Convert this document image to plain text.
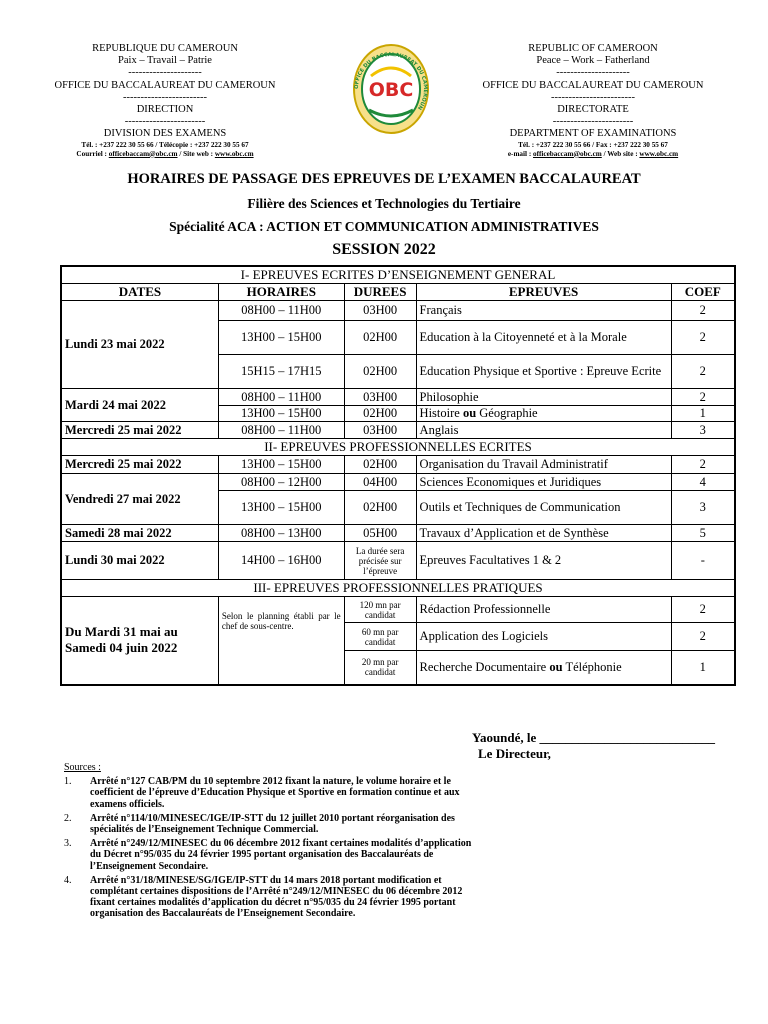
REPUBLIQUE DU CAMEROUN
Paix – Travail – Patrie
---------------------
OFFICE DU BACCALAUREAT DU CAMEROUN
------------------------
DIRECTION
-----------------------
DIVISION DES EXAMENS
Tél. : +237 222 30 55 66 / Télécopie : +237 222 30 55 67
Courriel : officebaccam@obc.cm / Site web : www.obc.cm
OFFICE DU BACCALAUREAT DU CAMEROUN
OBC
REPUBLIC OF CAMEROON
Peace – Work – Fatherland
---------------------
OFFICE DU BACCALAUREAT DU CAMEROUN
------------------------
DIRECTORATE
-----------------------
DEPARTMENT OF EXAMINATIONS
Tél. : +237 222 30 55 66 / Fax : +237 222 30 55 67
e-mail : officebaccam@obc.cm / Web site : www.obc.cm
HORAIRES DE PASSAGE DES EPREUVES DE L’EXAMEN BACCALAUREAT
Filière des Sciences et Technologies du Tertiaire
Spécialité ACA : ACTION ET COMMUNICATION ADMINISTRATIVES
SESSION 2022
I- EPREUVES ECRITES D’ENSEIGNEMENT GENERAL				
DATES	HORAIRES	DUREES	EPREUVES	COEF
Lundi 23 mai 2022	08H00 – 11H00	03H00	Français	2
	13H00 – 15H00	02H00	Education à la Citoyenneté et à la Morale	2
	15H15 – 17H15	02H00	Education Physique et Sportive : Epreuve Ecrite	2
Mardi 24 mai 2022	08H00 – 11H00	03H00	Philosophie	2
	13H00 – 15H00	02H00	Histoire ou Géographie	1
Mercredi 25 mai 2022	08H00 – 11H00	03H00	Anglais	3
II- EPREUVES PROFESSIONNELLES ECRITES				
Mercredi 25 mai 2022	13H00 – 15H00	02H00	Organisation du Travail Administratif	2
Vendredi 27 mai 2022	08H00 – 12H00	04H00	Sciences Economiques et Juridiques	4
	13H00 – 15H00	02H00	Outils et Techniques de Communication	3
Samedi 28 mai 2022	08H00 – 13H00	05H00	Travaux d’Application et de Synthèse	5
Lundi 30 mai 2022	14H00 – 16H00	La durée sera précisée sur l’épreuve	Epreuves Facultatives 1 & 2	-
III- EPREUVES PROFESSIONNELLES PRATIQUES				
Du Mardi 31 mai au Samedi 04 juin 2022	Selon le planning établi par le chef de sous-centre.	120 mn par candidat	Rédaction Professionnelle	2
		60 mn par candidat	Application des Logiciels	2
		20 mn par candidat	Recherche Documentaire ou Téléphonie	1
Yaoundé, le ___________________________
Le Directeur,
Sources :
1.	Arrêté n°127 CAB/PM du 10 septembre 2012 fixant la nature, le volume horaire et le coefficient de l’épreuve d’Education Physique et Sportive en formation continue et aux examens officiels.
2.	Arrêté n°114/10/MINESEC/IGE/IP-STT du 12 juillet 2010 portant réorganisation des spécialités de l’Enseignement Technique Commercial.
3.	Arrêté n°249/12/MINESEC du 06 décembre 2012 fixant certaines modalités d’application du Décret n°95/035 du 24 février 1995 portant organisation des Baccalauréats de l’Enseignement Secondaire.
4.	Arrêté n°31/18/MINESE/SG/IGE/IP-STT du 14 mars 2018 portant modification et complétant certaines dispositions de l’Arrêté n°249/12/MINESEC du 06 décembre 2012 fixant certaines modalités d’application du décret n°95/035 du 24 février 1995 portant organisation des Baccalauréats de l’Enseignement Secondaire.
